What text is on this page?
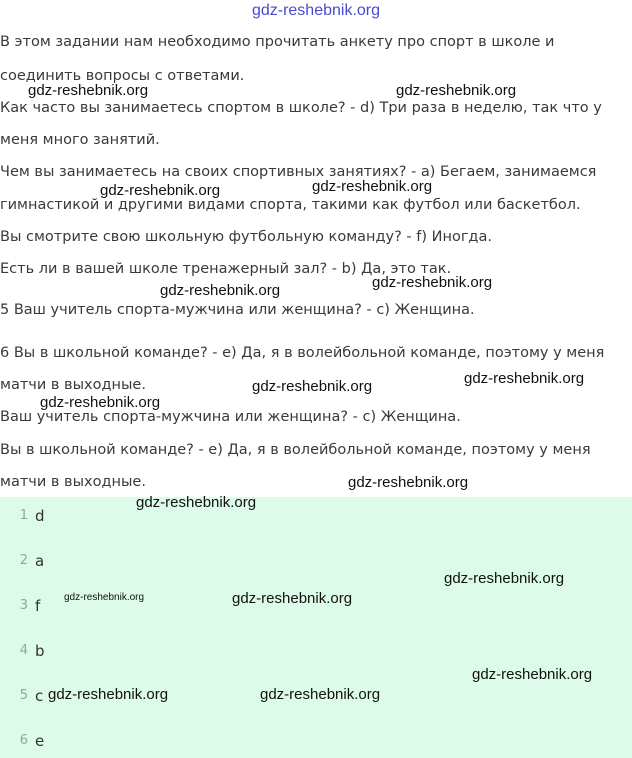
gdz-reshebnik.org
В этом задании нам необходимо прочитать анкету про спорт в школе и
соединить вопросы с ответами.
Как часто вы занимаетесь спортом в школе? - d) Три раза в неделю, так что у
меня много занятий.
Чем вы занимаетесь на своих спортивных занятиях? - a) Бегаем, занимаемся
гимнастикой и другими видами спорта, такими как футбол или баскетбол.
Вы смотрите свою школьную футбольную команду? - f) Иногда.
Есть ли в вашей школе тренажерный зал? - b) Да, это так.
5 Ваш учитель спорта-мужчина или женщина? - c) Женщина.
6 Вы в школьной команде? - e) Да, я в волейбольной команде, поэтому у меня
матчи в выходные.
Ваш учитель спорта-мужчина или женщина? - c) Женщина.
Вы в школьной команде? - e) Да, я в волейбольной команде, поэтому у меня
матчи в выходные.
1 d
2 a
3 f
4 b
5 c
6 e
gdz-reshebnik.org	gdz-reshebnik.org
gdz-reshebnik.org	gdz-reshebnik.org
gdz-reshebnik.org
gdz-reshebnik.org
gdz-reshebnik.org	gdz-reshebnik.org
gdz-reshebnik.org
gdz-reshebnik.org
gdz-reshebnik.org
gdz-reshebnik.org
gdz-reshebnik.org	gdz-reshebnik.org
gdz-reshebnik.org
gdz-reshebnik.org	gdz-reshebnik.org
